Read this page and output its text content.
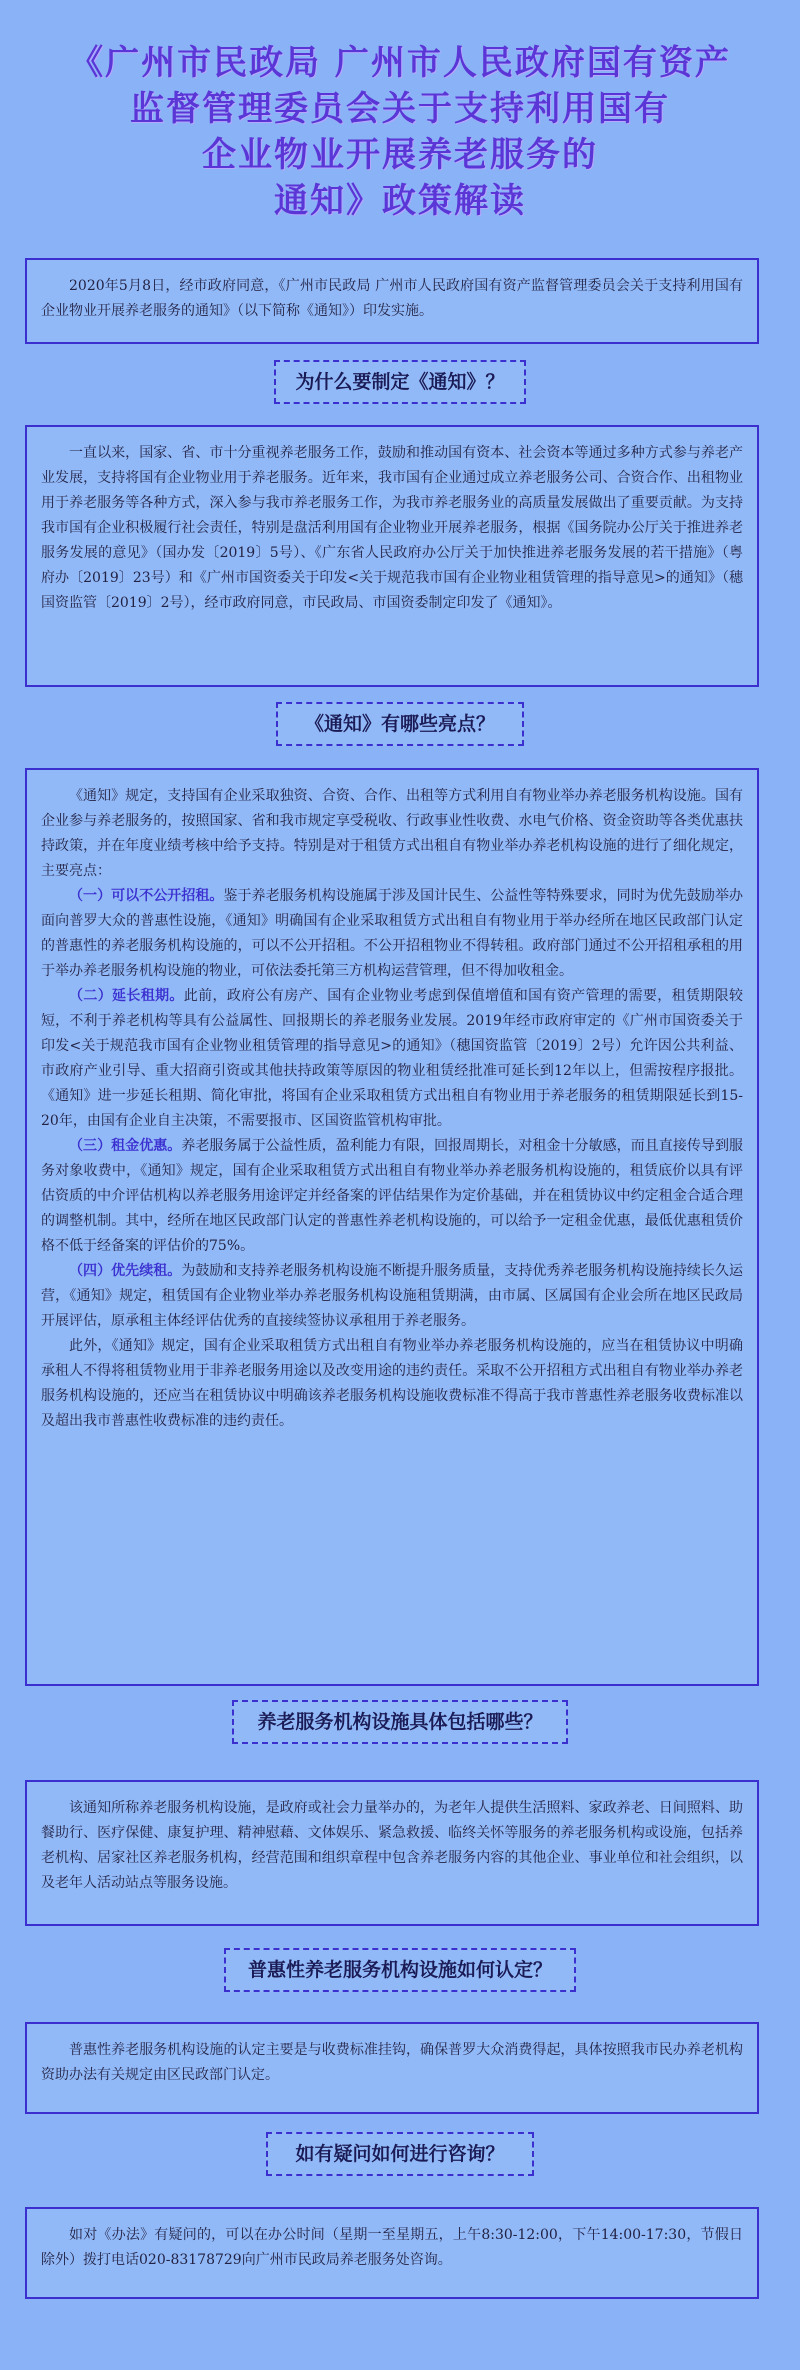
《广州市民政局 广州市人民政府国有资产

监督管理委员会关于支持利用国有

企业物业开展养老服务的

通知》政策解读

2020年5月8日，经市政府同意，《广州市民政局 广州市人民政府国有资产监督管理委员会关于支持利用国有企业物业开展养老服务的通知》（以下简称《通知》）印发实施。

为什么要制定《通知》？

一直以来，国家、省、市十分重视养老服务工作，鼓励和推动国有资本、社会资本等通过多种方式参与养老产业发展，支持将国有企业物业用于养老服务。近年来，我市国有企业通过成立养老服务公司、合资合作、出租物业用于养老服务等各种方式，深入参与我市养老服务工作，为我市养老服务业的高质量发展做出了重要贡献。为支持我市国有企业积极履行社会责任，特别是盘活利用国有企业物业开展养老服务，根据《国务院办公厅关于推进养老服务发展的意见》（国办发〔2019〕5号）、《广东省人民政府办公厅关于加快推进养老服务发展的若干措施》（粤府办〔2019〕23号）和《广州市国资委关于印发<关于规范我市国有企业物业租赁管理的指导意见>的通知》（穗国资监管〔2019〕2号），经市政府同意，市民政局、市国资委制定印发了《通知》。

《通知》有哪些亮点？

《通知》规定，支持国有企业采取独资、合资、合作、出租等方式利用自有物业举办养老服务机构设施。国有企业参与养老服务的，按照国家、省和我市规定享受税收、行政事业性收费、水电气价格、资金资助等各类优惠扶持政策，并在年度业绩考核中给予支持。特别是对于租赁方式出租自有物业举办养老机构设施的进行了细化规定，主要亮点：

（一）可以不公开招租。鉴于养老服务机构设施属于涉及国计民生、公益性等特殊要求，同时为优先鼓励举办面向普罗大众的普惠性设施，《通知》明确国有企业采取租赁方式出租自有物业用于举办经所在地区民政部门认定的普惠性的养老服务机构设施的，可以不公开招租。不公开招租物业不得转租。政府部门通过不公开招租承租的用于举办养老服务机构设施的物业，可依法委托第三方机构运营管理，但不得加收租金。

（二）延长租期。此前，政府公有房产、国有企业物业考虑到保值增值和国有资产管理的需要，租赁期限较短，不利于养老机构等具有公益属性、回报期长的养老服务业发展。2019年经市政府审定的《广州市国资委关于印发<关于规范我市国有企业物业租赁管理的指导意见>的通知》（穗国资监管〔2019〕2号）允许因公共利益、市政府产业引导、重大招商引资或其他扶持政策等原因的物业租赁经批准可延长到12年以上，但需按程序报批。《通知》进一步延长租期、简化审批，将国有企业采取租赁方式出租自有物业用于养老服务的租赁期限延长到15-20年，由国有企业自主决策，不需要报市、区国资监管机构审批。

（三）租金优惠。养老服务属于公益性质，盈利能力有限，回报周期长，对租金十分敏感，而且直接传导到服务对象收费中，《通知》规定，国有企业采取租赁方式出租自有物业举办养老服务机构设施的，租赁底价以具有评估资质的中介评估机构以养老服务用途评定并经备案的评估结果作为定价基础，并在租赁协议中约定租金合适合理的调整机制。其中，经所在地区民政部门认定的普惠性养老机构设施的，可以给予一定租金优惠，最低优惠租赁价格不低于经备案的评估价的75%。

（四）优先续租。为鼓励和支持养老服务机构设施不断提升服务质量，支持优秀养老服务机构设施持续长久运营，《通知》规定，租赁国有企业物业举办养老服务机构设施租赁期满，由市属、区属国有企业会所在地区民政局开展评估，原承租主体经评估优秀的直接续签协议承租用于养老服务。

此外，《通知》规定，国有企业采取租赁方式出租自有物业举办养老服务机构设施的，应当在租赁协议中明确承租人不得将租赁物业用于非养老服务用途以及改变用途的违约责任。采取不公开招租方式出租自有物业举办养老服务机构设施的，还应当在租赁协议中明确该养老服务机构设施收费标准不得高于我市普惠性养老服务收费标准以及超出我市普惠性收费标准的违约责任。

养老服务机构设施具体包括哪些？

该通知所称养老服务机构设施，是政府或社会力量举办的，为老年人提供生活照料、家政养老、日间照料、助餐助行、医疗保健、康复护理、精神慰藉、文体娱乐、紧急救援、临终关怀等服务的养老服务机构或设施，包括养老机构、居家社区养老服务机构，经营范围和组织章程中包含养老服务内容的其他企业、事业单位和社会组织，以及老年人活动站点等服务设施。

普惠性养老服务机构设施如何认定？

普惠性养老服务机构设施的认定主要是与收费标准挂钩，确保普罗大众消费得起，具体按照我市民办养老机构资助办法有关规定由区民政部门认定。

如有疑问如何进行咨询？

如对《办法》有疑问的，可以在办公时间（星期一至星期五，上午8:30-12:00，下午14:00-17:30，节假日除外）拨打电话020-83178729向广州市民政局养老服务处咨询。
